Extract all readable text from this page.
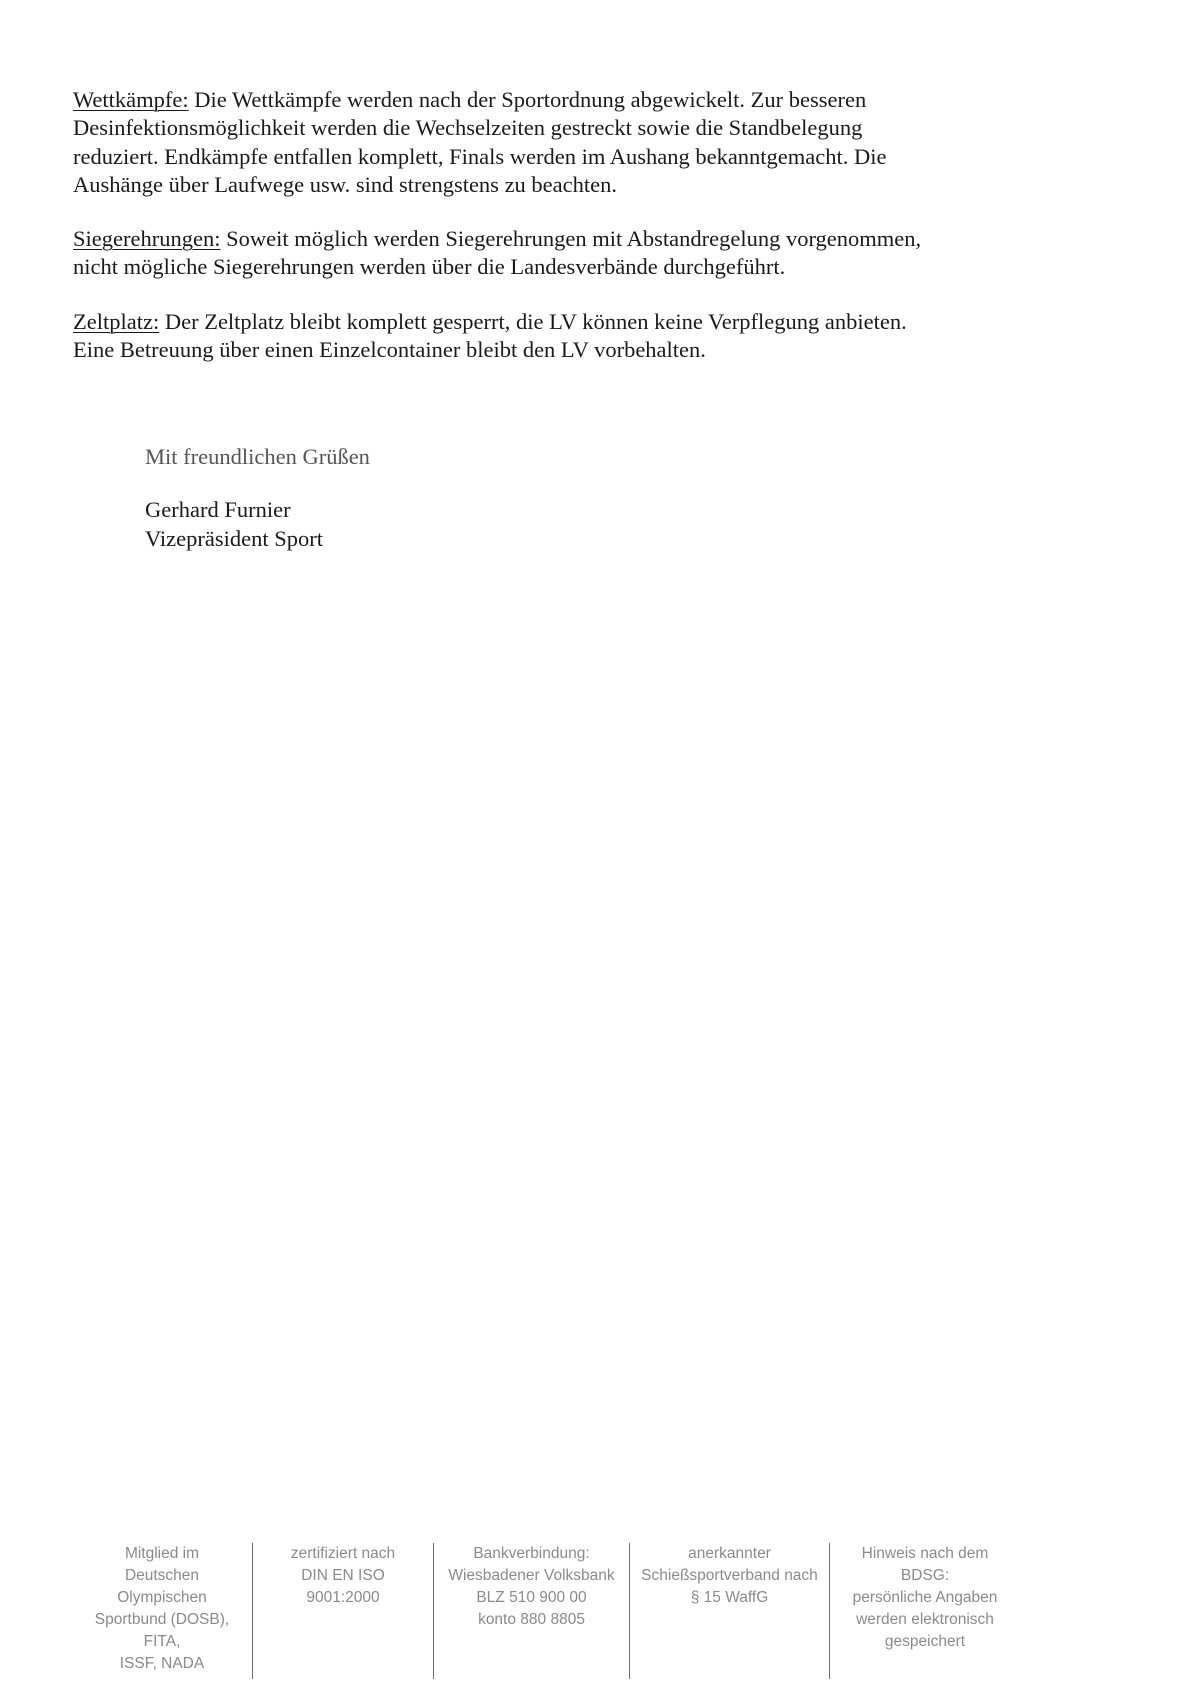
Wettkämpfe: Die Wettkämpfe werden nach der Sportordnung abgewickelt. Zur besseren
Desinfektionsmöglichkeit werden die Wechselzeiten gestreckt sowie die Standbelegung
reduziert. Endkämpfe entfallen komplett, Finals werden im Aushang bekanntgemacht. Die
Aushänge über Laufwege usw. sind strengstens zu beachten.
Siegerehrungen: Soweit möglich werden Siegerehrungen mit Abstandregelung vorgenommen,
nicht mögliche Siegerehrungen werden über die Landesverbände durchgeführt.
Zeltplatz: Der Zeltplatz bleibt komplett gesperrt, die LV können keine Verpflegung anbieten.
Eine Betreuung über einen Einzelcontainer bleibt den LV vorbehalten.

Mit freundlichen Grüßen

Gerhard Furnier

Vizepräsident Sport

Mitglied im

Deutschen

Olympischen

Sportbund (DOSB),

FITA,

ISSF, NADA

zertifiziert nach

DIN EN ISO

9001:2000

Bankverbindung:

Wiesbadener Volksbank

BLZ 510 900 00

konto 880 8805

anerkannter

Schießsportverband nach

§ 15 WaffG

Hinweis nach dem

BDSG:

persönliche Angaben

werden elektronisch

gespeichert
